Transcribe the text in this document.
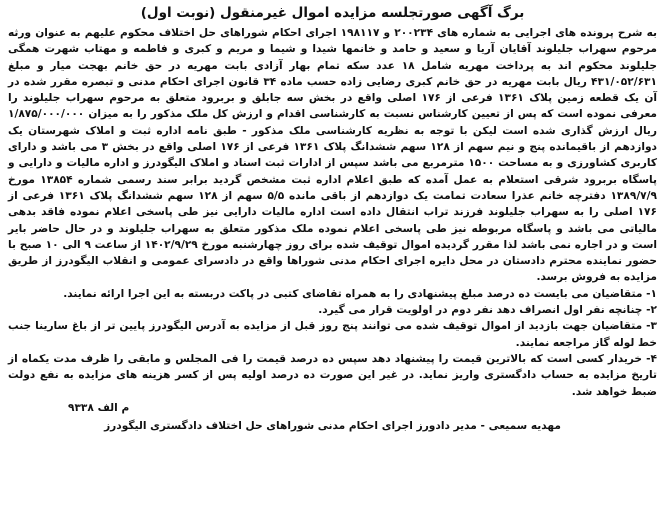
برگ آگهی صورتجلسه مزایده اموال غیرمنقول (نوبت اول)

به شرح پرونده های اجرایی به شماره های ۲۰۰۲۳۴ و ۱۹۸۱۱۷ اجرای احکام شوراهای حل اختلاف محکوم علیهم به عنوان ورثه مرحوم سهراب جلیلوند آقایان آریا و سعید و حامد و خانمها شیدا و شیما و مریم و کبری و فاطمه و مهتاب شهرت همگی جلیلوند محکوم اند به پرداخت مهریه شامل ۱۸ عدد سکه تمام بهار آزادی بابت مهریه در حق خانم بهجت میار و مبلغ ۴۳۱/۰۵۲/۶۳۱ ریال بابت مهریه در حق خانم کبری رضایی زاده حسب ماده ۳۴ قانون اجرای احکام مدنی و تبصره مقرر شده در آن یک قطعه زمین پلاک ۱۳۶۱ فرعی از ۱۷۶ اصلی واقع در بخش سه جابلق و بربرود متعلق به مرحوم سهراب جلیلوند را معرفی نموده است که پس از تعیین کارشناس نسبت به کارشناسی اقدام و ارزش کل ملک مذکور را به میزان ۱/۸۷۵/۰۰۰/۰۰۰ ریال ارزش گذاری شده است لیکن با توجه به نظریه کارشناسی ملک مذکور - طبق نامه اداره ثبت و املاک شهرستان یک دوازدهم از باقیمانده پنج و نیم سهم از ۱۲۸ سهم ششدانگ پلاک ۱۳۶۱ فرعی از ۱۷۶ اصلی واقع در بخش ۳ می باشد و دارای کاربری کشاورزی و به مساحت ۱۵۰۰ مترمربع می باشد سپس از ادارات ثبت اسناد و املاک الیگودرز و اداره مالیات و دارایی و پاسگاه بربرود شرقی استعلام به عمل آمده که طبق اعلام اداره ثبت مشخص گردید برابر سند رسمی شماره ۱۳۸۵۴ مورخ ۱۳۸۹/۷/۹ دفترچه خانم عذرا سعادت تمامت یک دوازدهم از باقی مانده ۵/۵ سهم از ۱۲۸ سهم ششدانگ پلاک ۱۳۶۱ فرعی از ۱۷۶ اصلی را به سهراب جلیلوند فرزند تراب انتقال داده است اداره مالیات دارایی نیز طی پاسخی اعلام نموده فاقد بدهی مالیاتی می باشد و پاسگاه مربوطه نیز طی پاسخی اعلام نموده ملک مذکور متعلق به سهراب جلیلوند و در حال حاضر بایر است و در اجاره نمی باشد لذا مقرر گردیده اموال توقیف شده برای روز چهارشنبه مورخ ۱۴۰۲/۹/۲۹ از ساعت ۹ الی ۱۰ صبح با حضور نماینده محترم دادستان در محل دایره اجرای احکام مدنی شوراها واقع در دادسرای عمومی و انقلاب الیگودرز از طریق مزایده به فروش برسد.

۱- متقاضیان می بایست ده درصد مبلغ پیشنهادی را به همراه تقاضای کتبی در پاکت دربسته به این اجرا ارائه نمایند.

۲- چنانچه نفر اول انصراف دهد نفر دوم در اولویت قرار می گیرد.

۳- متقاضیان جهت بازدید از اموال توقیف شده می توانند پنج روز قبل از مزایده به آدرس الیگودرز پایین تر از باغ سارینا جنب خط لوله گاز مراجعه نمایند.

۴- خریدار کسی است که بالاترین قیمت را پیشنهاد دهد سپس ده درصد قیمت را فی المجلس و مابقی را ظرف مدت یکماه از تاریخ مزایده به حساب دادگستری واریز نماید. در غیر این صورت ده درصد اولیه پس از کسر هزینه های مزایده به نفع دولت ضبط خواهد شد.

م الف ۹۳۳۸

مهدیه سمیعی - مدیر دادورز اجرای احکام مدنی شوراهای حل اختلاف دادگستری الیگودرز
